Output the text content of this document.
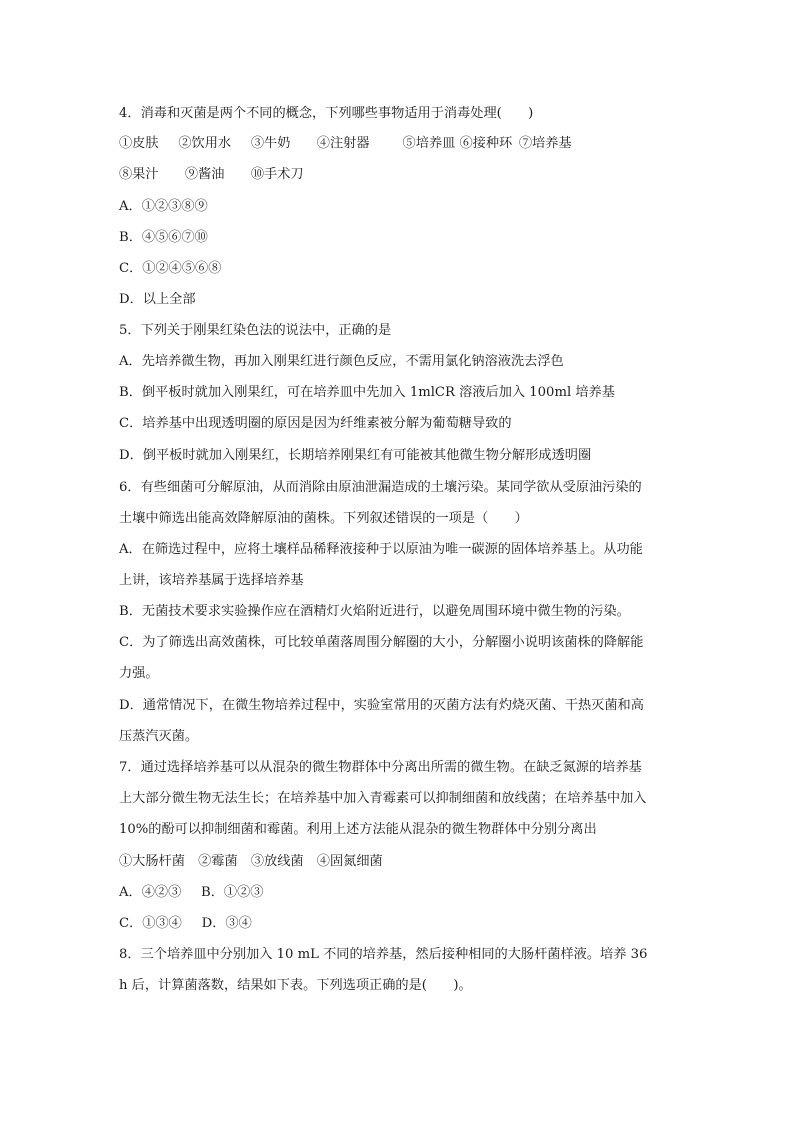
4．消毒和灭菌是两个不同的概念，下列哪些事物适用于消毒处理(　　)
①皮肤　 ②饮用水　 ③牛奶　  ④注射器　　 ⑤培养皿 ⑥接种环 ⑦培养基
⑧果汁　  ⑨酱油　  ⑩手术刀
A．①②③⑧⑨
B．④⑤⑥⑦⑩
C．①②④⑤⑥⑧
D．以上全部
5．下列关于刚果红染色法的说法中，正确的是
A．先培养微生物，再加入刚果红进行颜色反应，不需用氯化钠溶液洗去浮色
B．倒平板时就加入刚果红，可在培养皿中先加入 1mlCR 溶液后加入 100ml 培养基
C．培养基中出现透明圈的原因是因为纤维素被分解为葡萄糖导致的
D．倒平板时就加入刚果红，长期培养刚果红有可能被其他微生物分解形成透明圈
6．有些细菌可分解原油，从而消除由原油泄漏造成的土壤污染。某同学欲从受原油污染的
土壤中筛选出能高效降解原油的菌株。下列叙述错误的一项是（　　）
A．在筛选过程中，应将土壤样品稀释液接种于以原油为唯一碳源的固体培养基上。从功能
上讲，该培养基属于选择培养基
B．无菌技术要求实验操作应在酒精灯火焰附近进行，以避免周围环境中微生物的污染。
C．为了筛选出高效菌株，可比较单菌落周围分解圈的大小，分解圈小说明该菌株的降解能
力强。
D．通常情况下，在微生物培养过程中，实验室常用的灭菌方法有灼烧灭菌、干热灭菌和高
压蒸汽灭菌。
7．通过选择培养基可以从混杂的微生物群体中分离出所需的微生物。在缺乏氮源的培养基
上大部分微生物无法生长；在培养基中加入青霉素可以抑制细菌和放线菌；在培养基中加入
10%的酚可以抑制细菌和霉菌。利用上述方法能从混杂的微生物群体中分别分离出
①大肠杆菌  ②霉菌  ③放线菌  ④固氮细菌
A．④②③   B．①②③
C．①③④   D．③④
8．三个培养皿中分别加入 10 mL 不同的培养基，然后接种相同的大肠杆菌样液。培养 36
h 后，计算菌落数，结果如下表。下列选项正确的是(　　)。
